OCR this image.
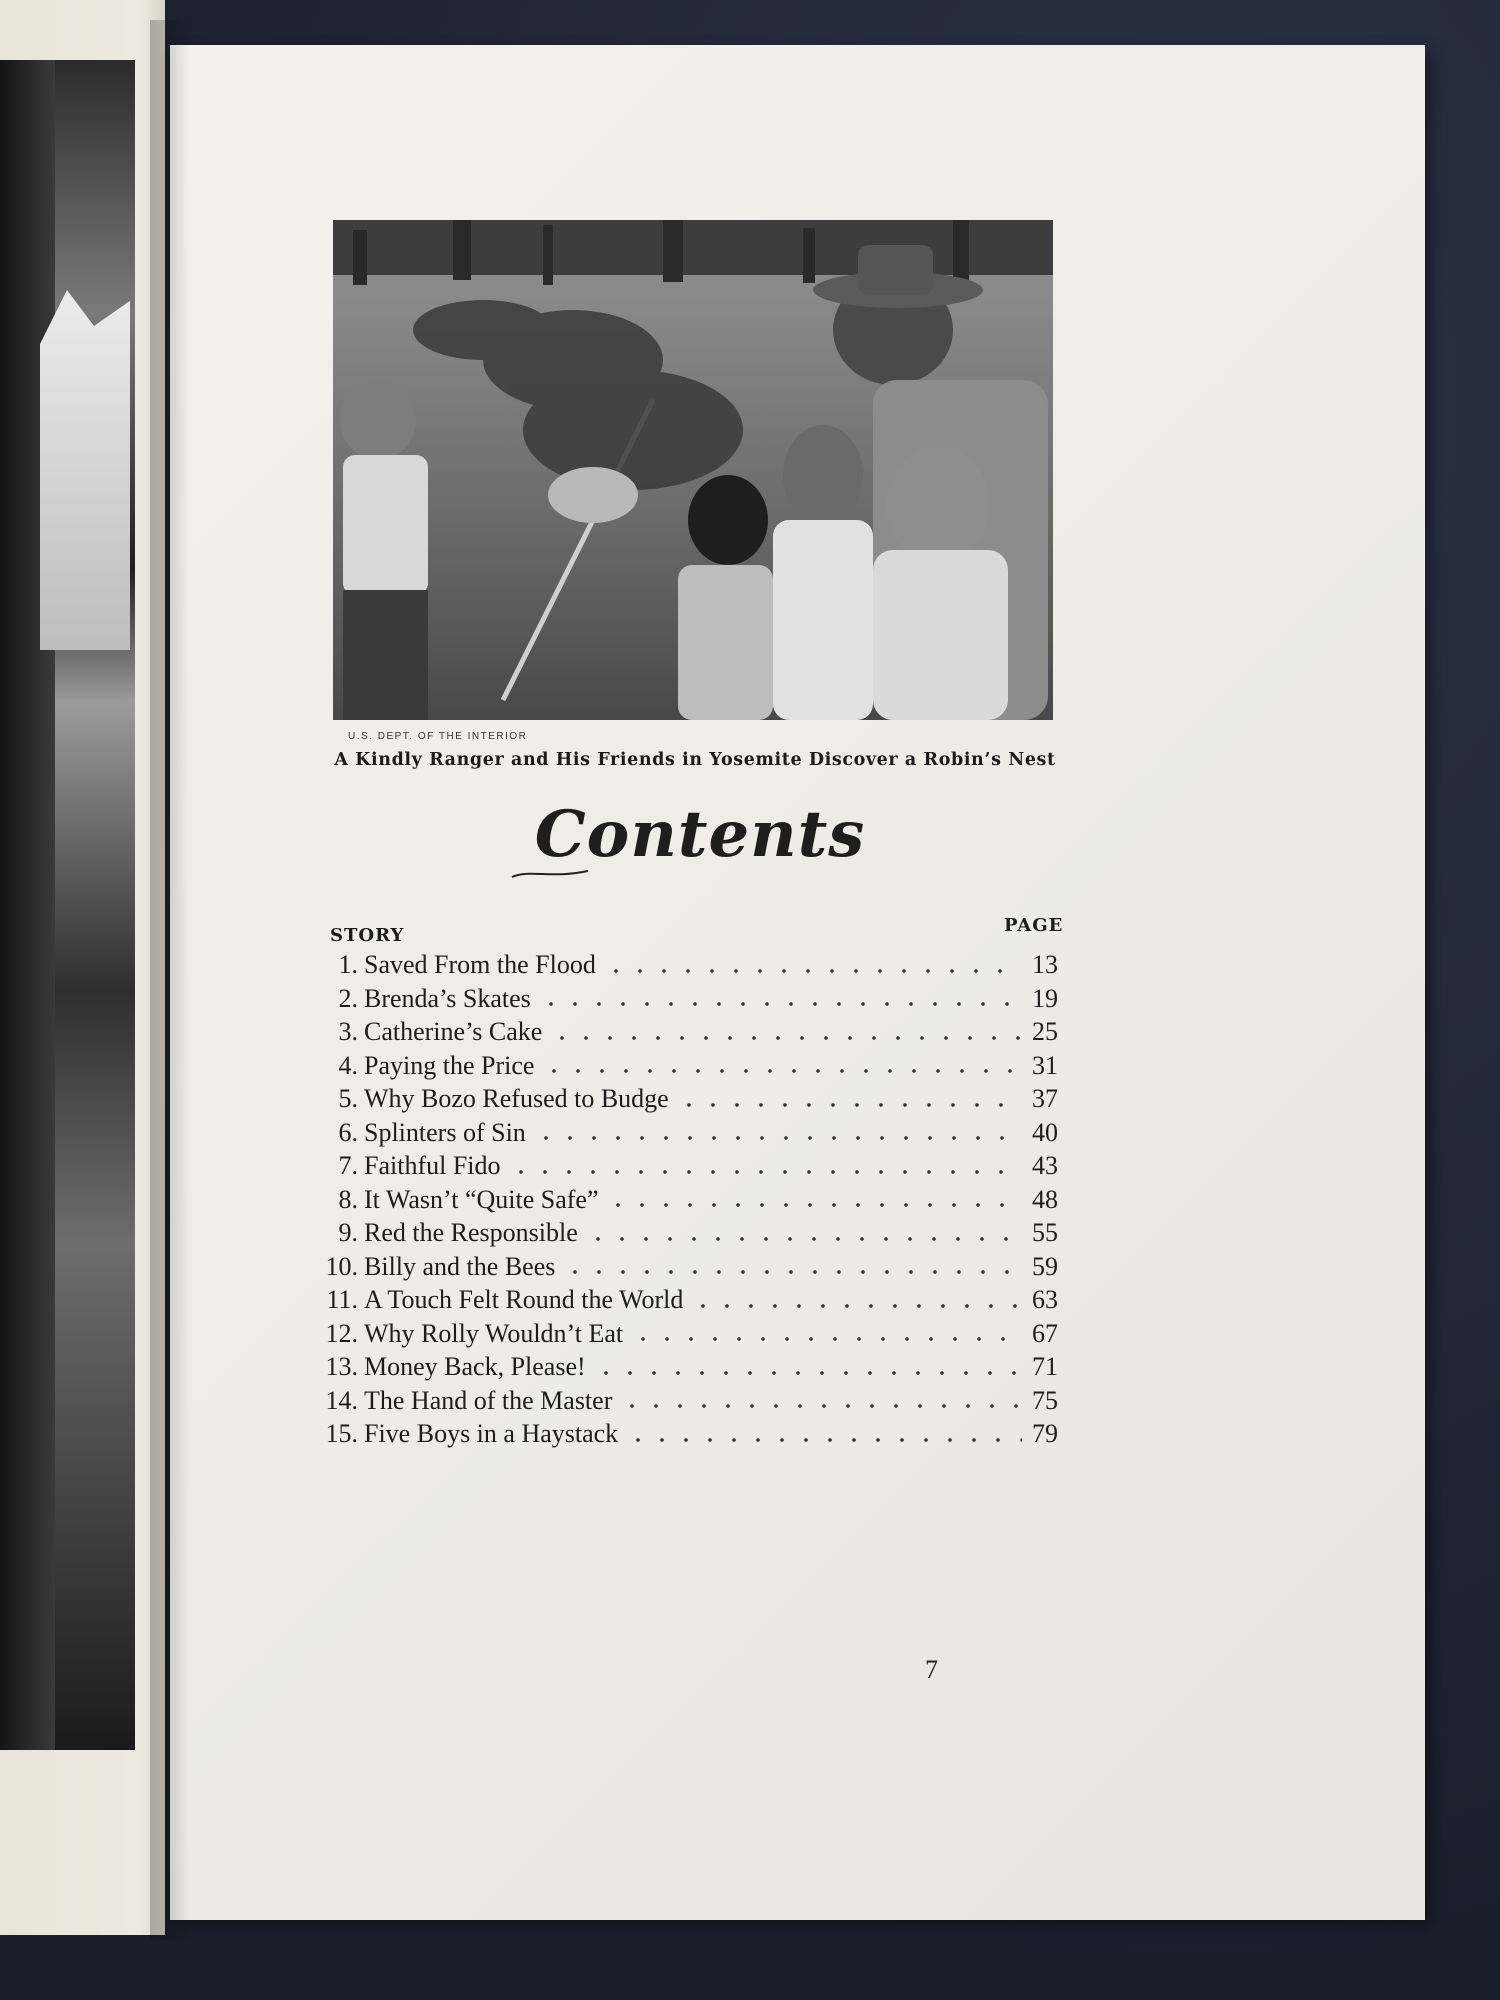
U.S. DEPT. OF THE INTERIOR
A Kindly Ranger and His Friends in Yosemite Discover a Robin’s Nest
Contents
STORY	PAGE
1. Saved From the Flood	13
2. Brenda’s Skates	19
3. Catherine’s Cake	25
4. Paying the Price	31
5. Why Bozo Refused to Budge	37
6. Splinters of Sin	40
7. Faithful Fido	43
8. It Wasn’t “Quite Safe”	48
9. Red the Responsible	55
10. Billy and the Bees	59
11. A Touch Felt Round the World	63
12. Why Rolly Wouldn’t Eat	67
13. Money Back, Please!	71
14. The Hand of the Master	75
15. Five Boys in a Haystack	79
7
